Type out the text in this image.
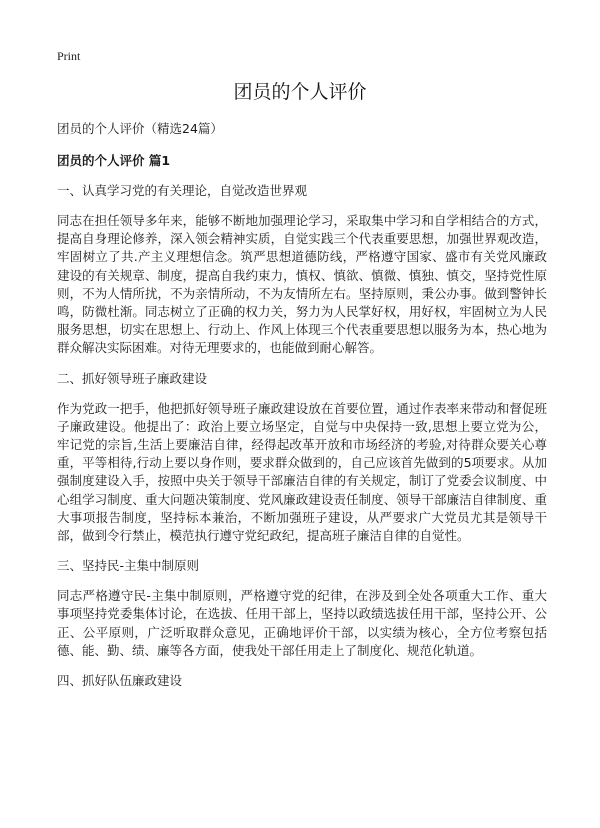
Print
团员的个人评价

团员的个人评价（精选24篇）

团员的个人评价 篇1

一、认真学习党的有关理论，自觉改造世界观

同志在担任领导多年来，能够不断地加强理论学习，采取集中学习和自学相结合的方式，提高自身理论修养，深入领会精神实质，自觉实践三个代表重要思想，加强世界观改造，牢固树立了共.产主义理想信念。筑严思想道德防线，严格遵守国家、盛市有关党风廉政建设的有关规章、制度，提高自我约束力，慎权、慎欲、慎微、慎独、慎交，坚持党性原则，不为人情所扰，不为亲情所动，不为友情所左右。坚持原则，秉公办事。做到警钟长鸣，防微杜渐。同志树立了正确的权力关，努力为人民掌好权，用好权，牢固树立为人民服务思想，切实在思想上、行动上、作风上体现三个代表重要思想以服务为本，热心地为群众解决实际困难。对待无理要求的，也能做到耐心解答。

二、抓好领导班子廉政建设

作为党政一把手，他把抓好领导班子廉政建设放在首要位置，通过作表率来带动和督促班子廉政建设。他提出了：政治上要立场坚定，自觉与中央保持一致,思想上要立党为公，牢记党的宗旨,生活上要廉洁自律，经得起改革开放和市场经济的考验,对待群众要关心尊重，平等相待,行动上要以身作则，要求群众做到的，自己应该首先做到的5项要求。从加强制度建设入手，按照中央关于领导干部廉洁自律的有关规定，制订了党委会议制度、中心组学习制度、重大问题决策制度、党风廉政建设责任制度、领导干部廉洁自律制度、重大事项报告制度，坚持标本兼治，不断加强班子建设，从严要求广大党员尤其是领导干部，做到令行禁止，模范执行遵守党纪政纪，提高班子廉洁自律的自觉性。

三、坚持民-主集中制原则

同志严格遵守民-主集中制原则，严格遵守党的纪律，在涉及到全处各项重大工作、重大事项坚持党委集体讨论，在选拔、任用干部上，坚持以政绩选拔任用干部，坚持公开、公正、公平原则，广泛听取群众意见，正确地评价干部，以实绩为核心，全方位考察包括德、能、勤、绩、廉等各方面，使我处干部任用走上了制度化、规范化轨道。

四、抓好队伍廉政建设
